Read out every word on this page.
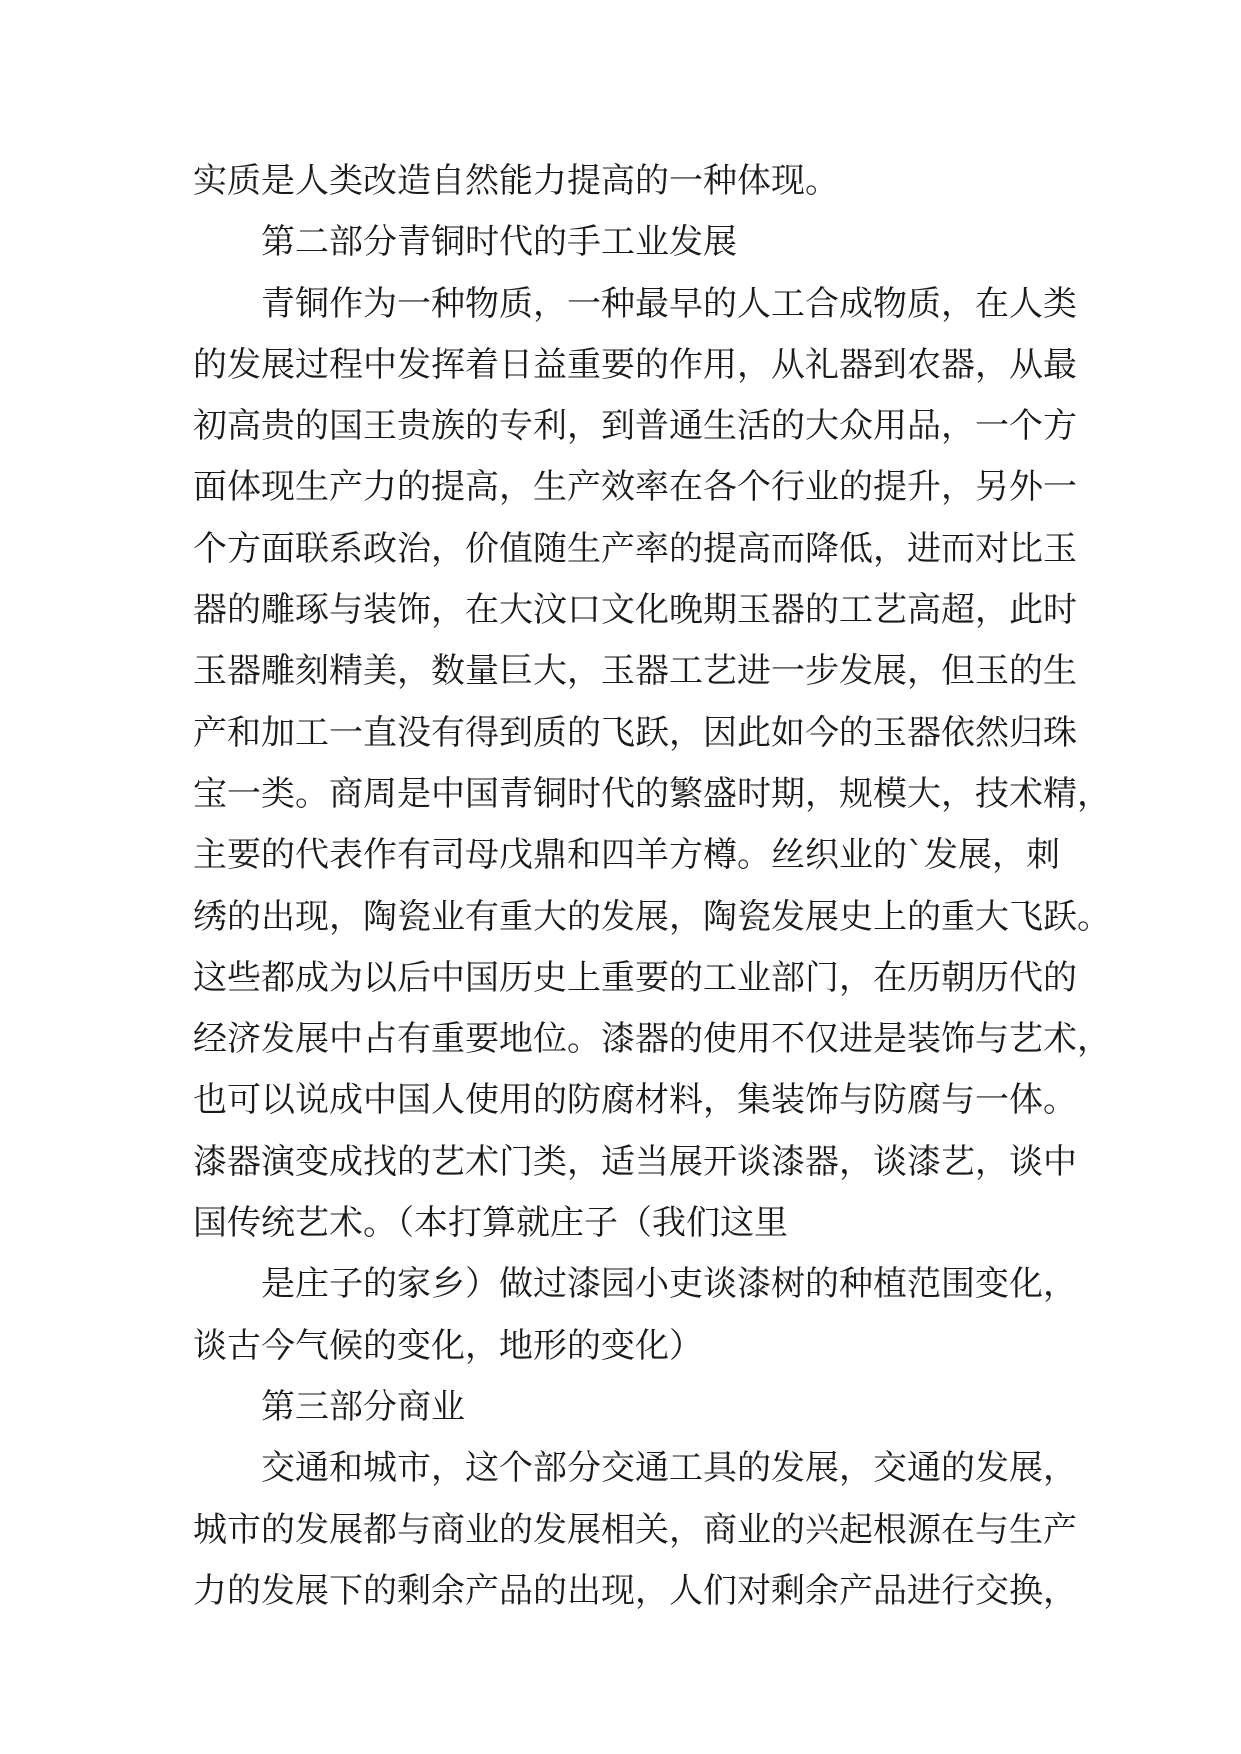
实质是人类改造自然能力提高的一种体现。
第二部分青铜时代的手工业发展
青铜作为一种物质，一种最早的人工合成物质，在人类
的发展过程中发挥着日益重要的作用，从礼器到农器，从最
初高贵的国王贵族的专利，到普通生活的大众用品，一个方
面体现生产力的提高，生产效率在各个行业的提升，另外一
个方面联系政治，价值随生产率的提高而降低，进而对比玉
器的雕琢与装饰，在大汶口文化晚期玉器的工艺高超，此时
玉器雕刻精美，数量巨大，玉器工艺进一步发展，但玉的生
产和加工一直没有得到质的飞跃，因此如今的玉器依然归珠
宝一类。商周是中国青铜时代的繁盛时期，规模大，技术精，
主要的代表作有司母戊鼎和四羊方樽。丝织业的`发展，刺
绣的出现，陶瓷业有重大的发展，陶瓷发展史上的重大飞跃。
这些都成为以后中国历史上重要的工业部门，在历朝历代的
经济发展中占有重要地位。漆器的使用不仅进是装饰与艺术，
也可以说成中国人使用的防腐材料，集装饰与防腐与一体。
漆器演变成找的艺术门类，适当展开谈漆器，谈漆艺，谈中
国传统艺术。（本打算就庄子（我们这里
是庄子的家乡）做过漆园小吏谈漆树的种植范围变化，
谈古今气候的变化，地形的变化）
第三部分商业
交通和城市，这个部分交通工具的发展，交通的发展，
城市的发展都与商业的发展相关，商业的兴起根源在与生产
力的发展下的剩余产品的出现，人们对剩余产品进行交换，
